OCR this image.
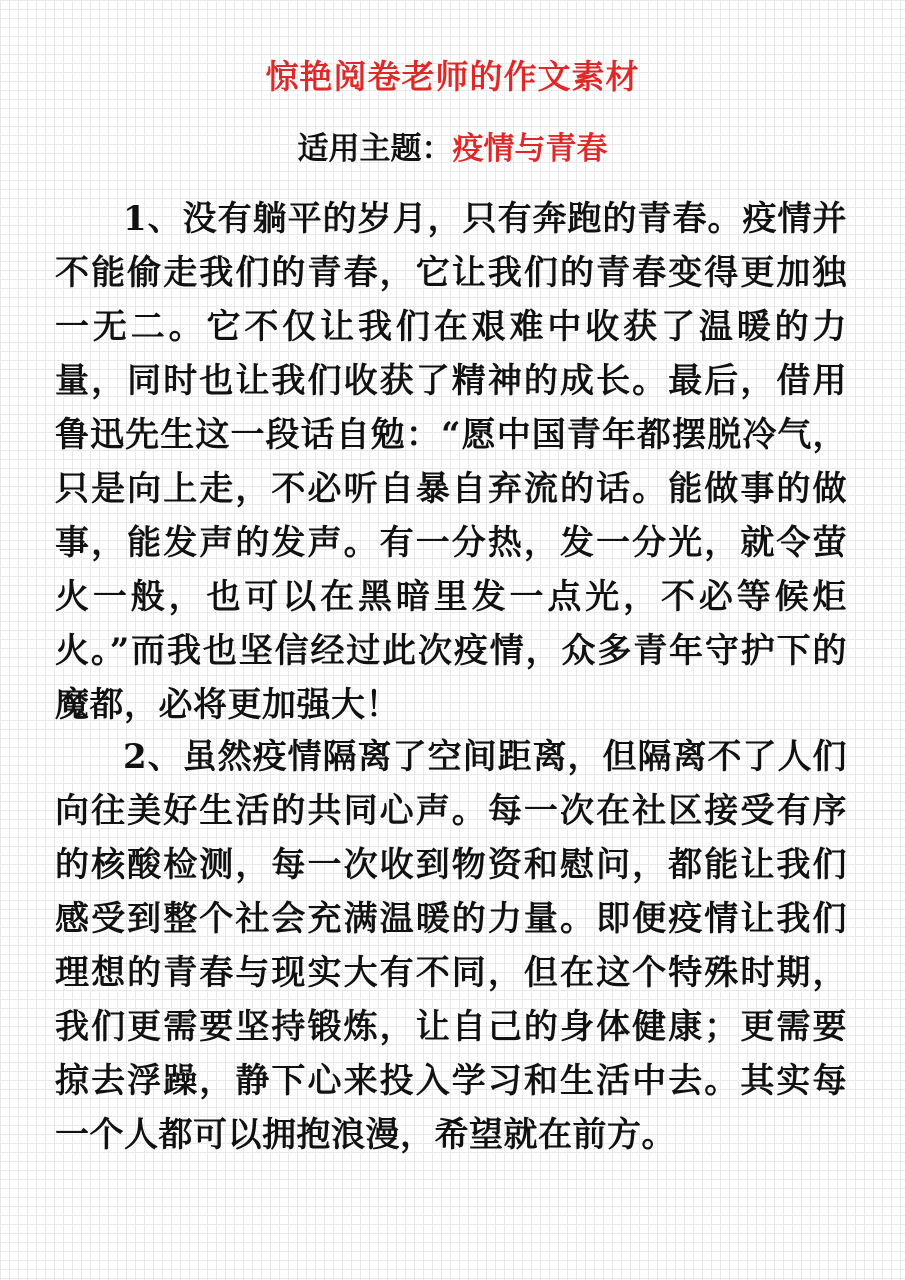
惊艳阅卷老师的作文素材
适用主题：疫情与青春
1、没有躺平的岁月，只有奔跑的青春。疫情并不能偷走我们的青春，它让我们的青春变得更加独一无二。它不仅让我们在艰难中收获了温暖的力量，同时也让我们收获了精神的成长。最后，借用鲁迅先生这一段话自勉：“愿中国青年都摆脱冷气，只是向上走，不必听自暴自弃流的话。能做事的做事，能发声的发声。有一分热，发一分光，就令萤火一般，也可以在黑暗里发一点光，不必等候炬火。”而我也坚信经过此次疫情，众多青年守护下的魔都，必将更加强大！
2、虽然疫情隔离了空间距离，但隔离不了人们向往美好生活的共同心声。每一次在社区接受有序的核酸检测，每一次收到物资和慰问，都能让我们感受到整个社会充满温暖的力量。即便疫情让我们理想的青春与现实大有不同，但在这个特殊时期，我们更需要坚持锻炼，让自己的身体健康；更需要掠去浮躁，静下心来投入学习和生活中去。其实每一个人都可以拥抱浪漫，希望就在前方。
